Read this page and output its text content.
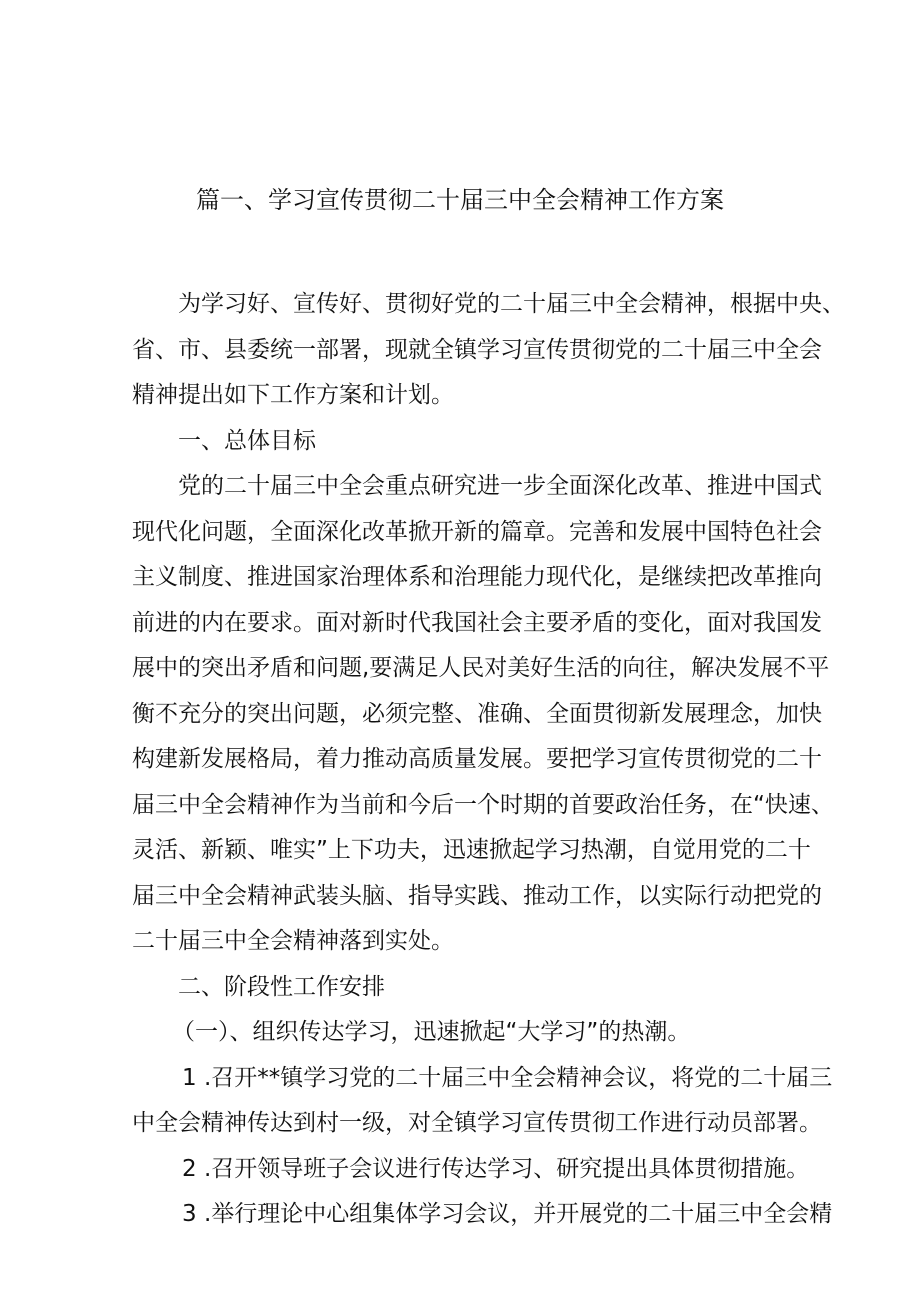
篇一、学习宣传贯彻二十届三中全会精神工作方案
为学习好、宣传好、贯彻好党的二十届三中全会精神，根据中央、
省、市、县委统一部署，现就全镇学习宣传贯彻党的二十届三中全会
精神提出如下工作方案和计划。
一、总体目标
党的二十届三中全会重点研究进一步全面深化改革、推进中国式
现代化问题，全面深化改革掀开新的篇章。完善和发展中国特色社会
主义制度、推进国家治理体系和治理能力现代化，是继续把改革推向
前进的内在要求。面对新时代我国社会主要矛盾的变化，面对我国发
展中的突出矛盾和问题,要满足人民对美好生活的向往，解决发展不平
衡不充分的突出问题，必须完整、准确、全面贯彻新发展理念，加快
构建新发展格局，着力推动高质量发展。要把学习宣传贯彻党的二十
届三中全会精神作为当前和今后一个时期的首要政治任务，在“快速、
灵活、新颖、唯实”上下功夫，迅速掀起学习热潮，自觉用党的二十
届三中全会精神武装头脑、指导实践、推动工作，以实际行动把党的
二十届三中全会精神落到实处。
二、阶段性工作安排
（一）、组织传达学习，迅速掀起“大学习”的热潮。
1 .召开**镇学习党的二十届三中全会精神会议，将党的二十届三
中全会精神传达到村一级，对全镇学习宣传贯彻工作进行动员部署。
2 .召开领导班子会议进行传达学习、研究提出具体贯彻措施。
3 .举行理论中心组集体学习会议，并开展党的二十届三中全会精
